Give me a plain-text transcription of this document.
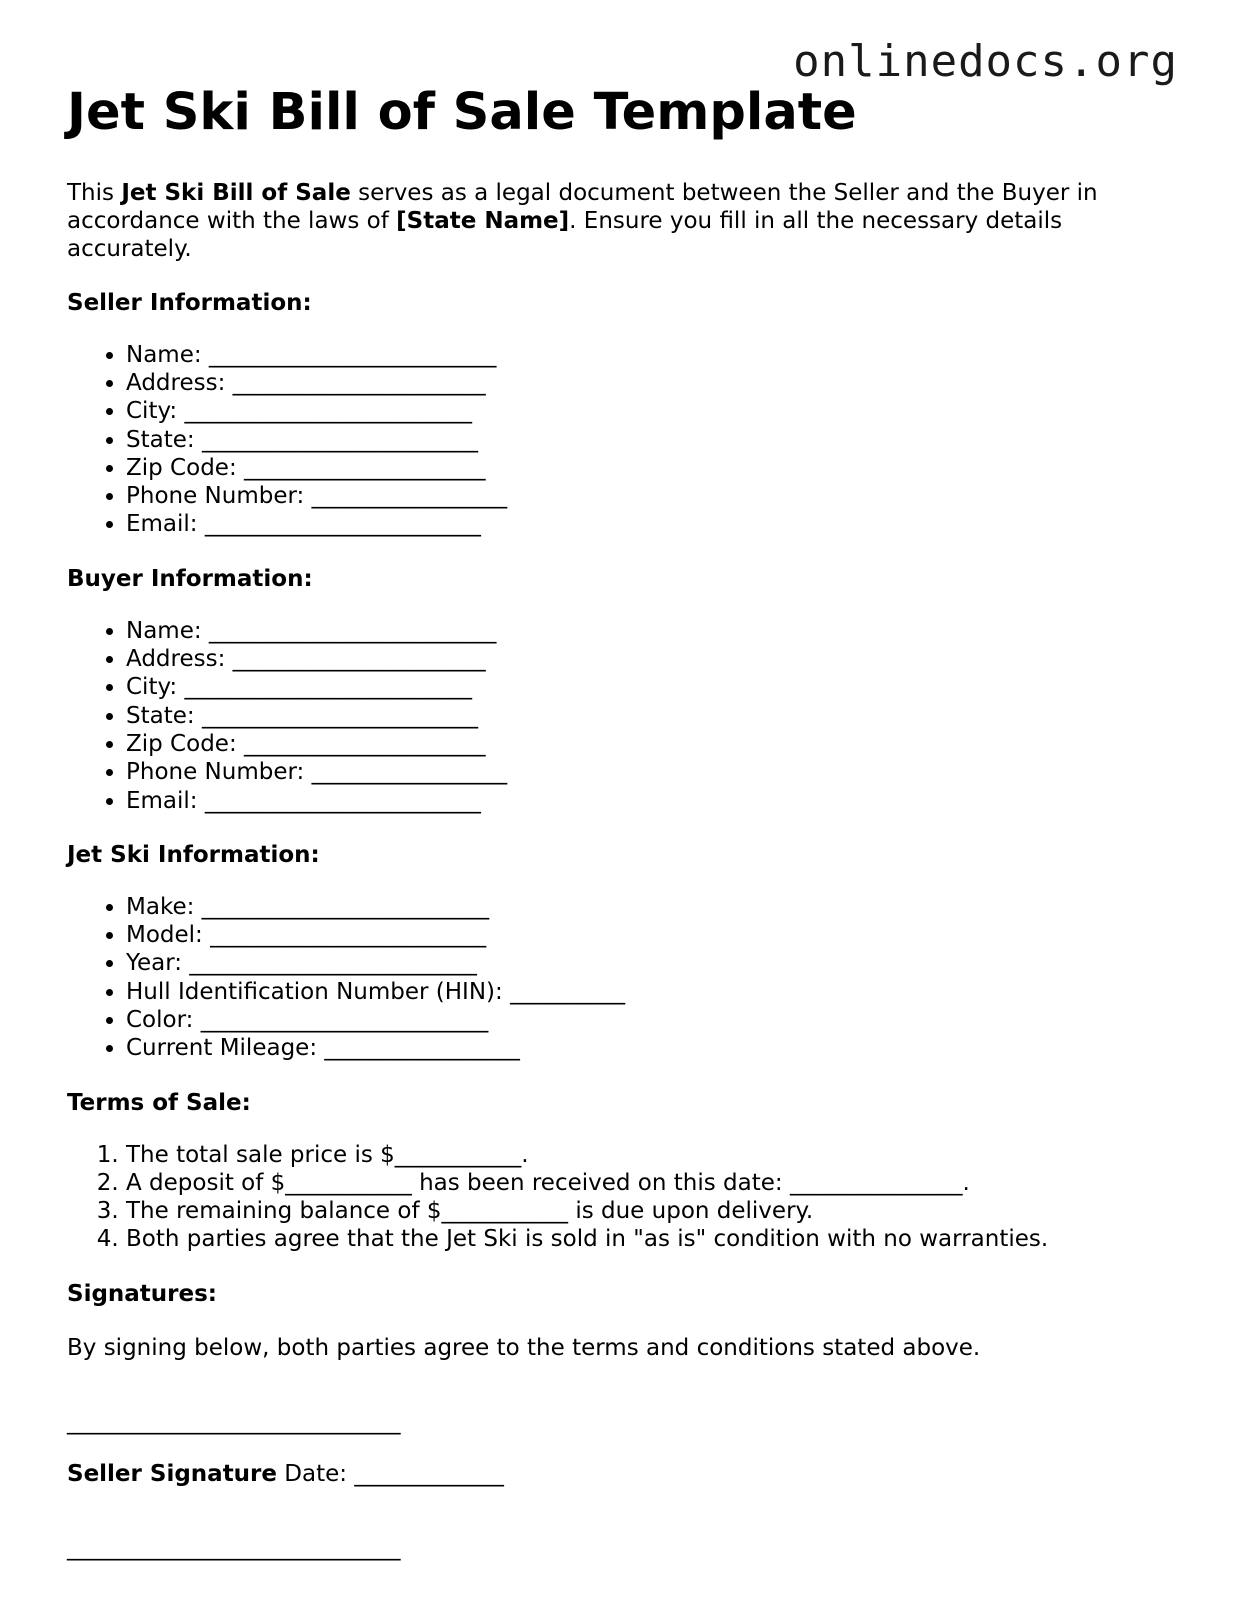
onlinedocs.org
Jet Ski Bill of Sale Template

This Jet Ski Bill of Sale serves as a legal document between the Seller and the Buyer in accordance with the laws of [State Name]. Ensure you fill in all the necessary details accurately.

Seller Information:
• Name: _________________________
• Address: ______________________
• City: _________________________
• State: ________________________
• Zip Code: _____________________
• Phone Number: _________________
• Email: ________________________
Buyer Information:
• Name: _________________________
• Address: ______________________
• City: _________________________
• State: ________________________
• Zip Code: _____________________
• Phone Number: _________________
• Email: ________________________
Jet Ski Information:
• Make: _________________________
• Model: ________________________
• Year: _________________________
• Hull Identification Number (HIN): __________
• Color: _________________________
• Current Mileage: _________________
Terms of Sale:
1. The total sale price is $___________.
2. A deposit of $___________ has been received on this date: _______________.
3. The remaining balance of $___________ is due upon delivery.
4. Both parties agree that the Jet Ski is sold in "as is" condition with no warranties.
Signatures:

By signing below, both parties agree to the terms and conditions stated above.

_____________________________

Seller Signature Date: _____________

_____________________________
